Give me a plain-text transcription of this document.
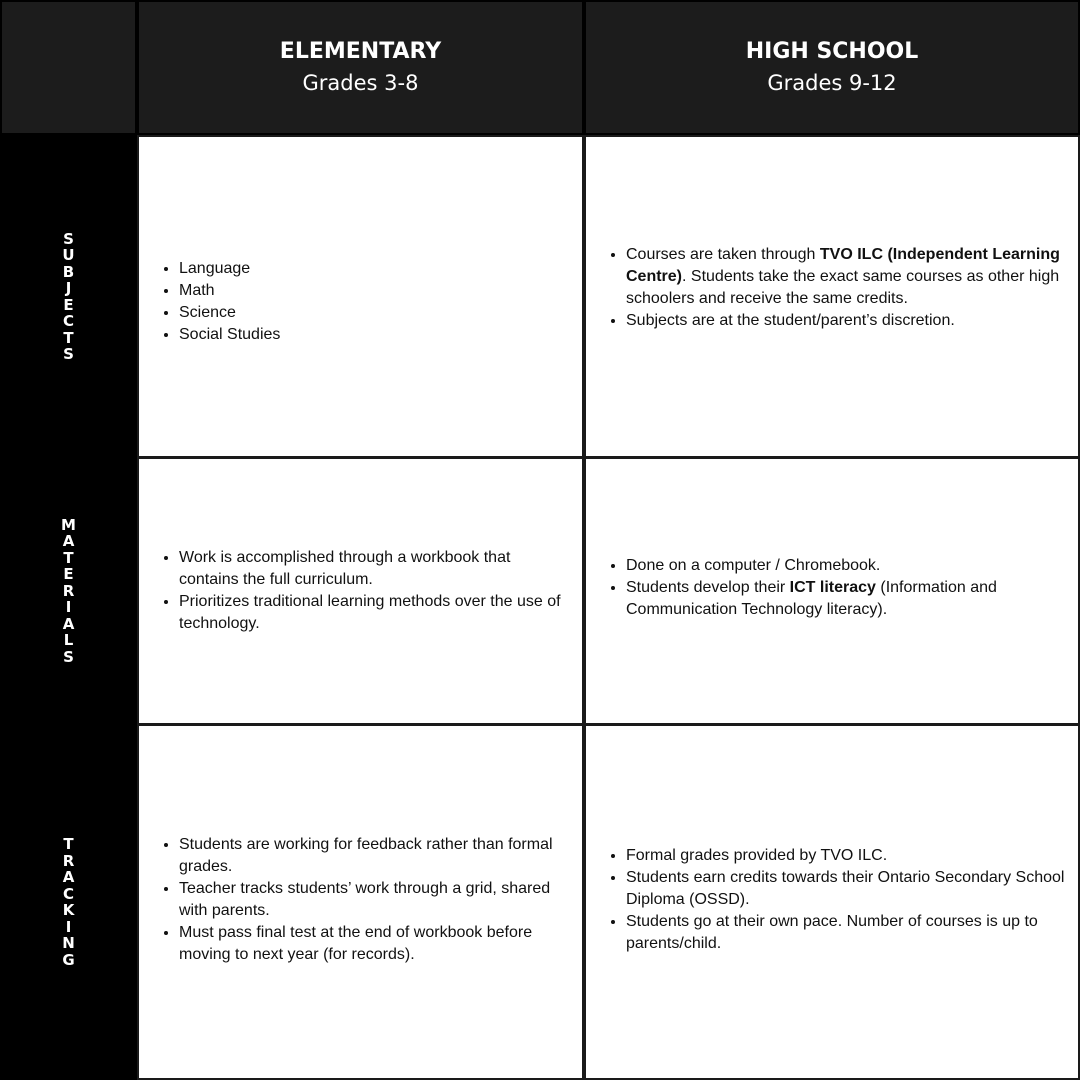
ELEMENTARY
Grades 3-8
HIGH SCHOOL
Grades 9-12
S
U
B
J
E
C
T
S
M
A
T
E
R
I
A
L
S
T
R
A
C
K
I
N
G
• Language
• Math
• Science
• Social Studies
• Courses are taken through TVO ILC (Independent Learning Centre). Students take the exact same courses as other high schoolers and receive the same credits.
• Subjects are at the student/parent’s discretion.
• Work is accomplished through a workbook that contains the full curriculum.
• Prioritizes traditional learning methods over the use of technology.
• Done on a computer / Chromebook.
• Students develop their ICT literacy (Information and Communication Technology literacy).
• Students are working for feedback rather than formal grades.
• Teacher tracks students’ work through a grid, shared with parents.
• Must pass final test at the end of workbook before moving to next year (for records).
• Formal grades provided by TVO ILC.
• Students earn credits towards their Ontario Secondary School Diploma (OSSD).
• Students go at their own pace. Number of courses is up to parents/child.
